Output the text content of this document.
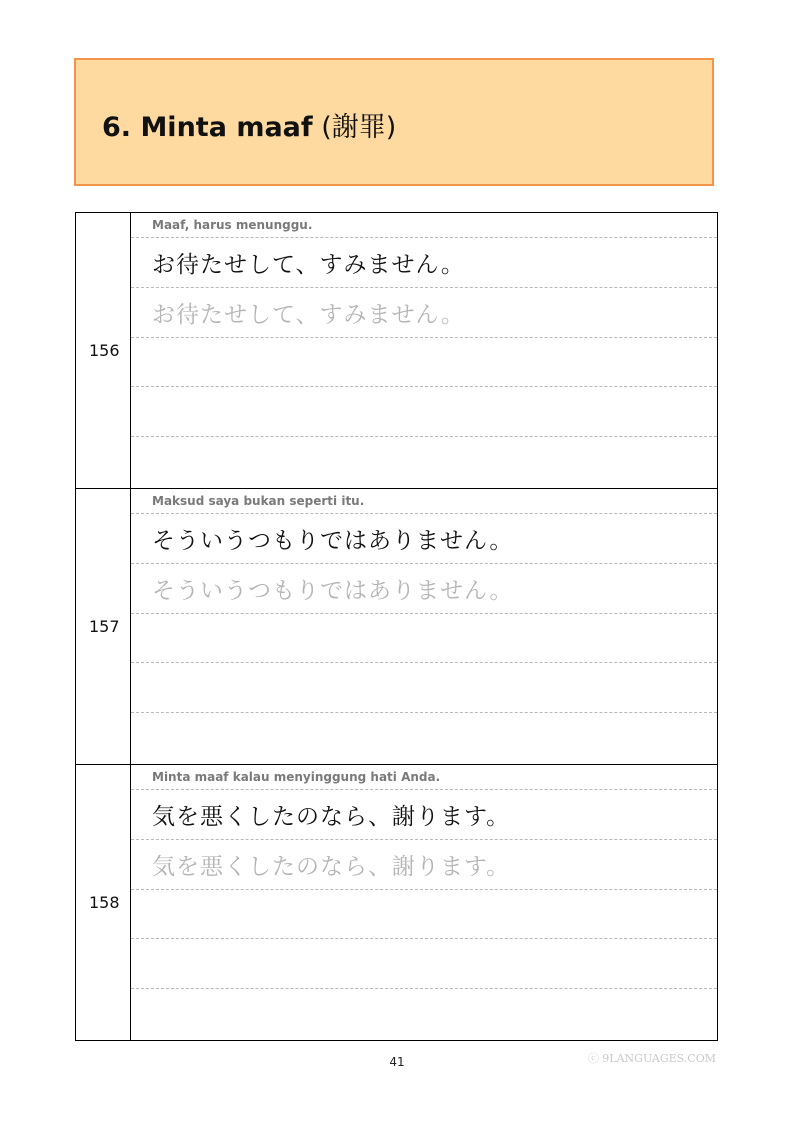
6. Minta maaf (謝罪)
156
Maaf, harus menunggu.
お待たせして、すみません。
お待たせして、すみません。
157
Maksud saya bukan seperti itu.
そういうつもりではありません。
そういうつもりではありません。
158
Minta maaf kalau menyinggung hati Anda.
気を悪くしたのなら、謝ります。
気を悪くしたのなら、謝ります。
41	ⓒ 9LANGUAGES.COM
